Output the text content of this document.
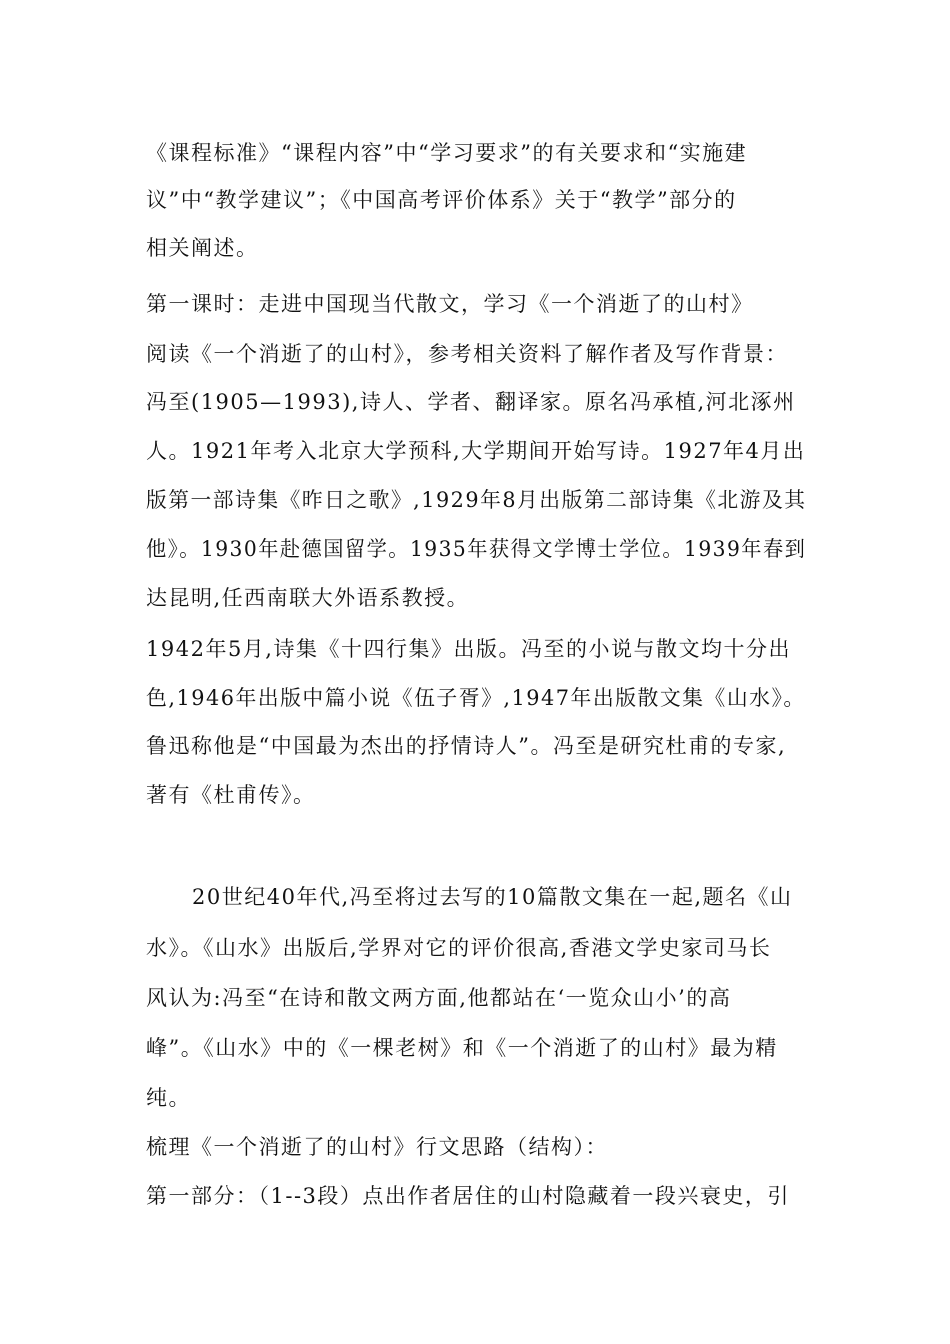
《课程标准》“课程内容”中“学习要求”的有关要求和“实施建
议”中“教学建议”；《中国高考评价体系》关于“教学”部分的
相关阐述。
第一课时：走进中国现当代散文，学习《一个消逝了的山村》
阅读《一个消逝了的山村》，参考相关资料了解作者及写作背景：
冯至(1905—1993),诗人、学者、翻译家。原名冯承植,河北涿州
人。1921年考入北京大学预科,大学期间开始写诗。1927年4月出
版第一部诗集《昨日之歌》,1929年8月出版第二部诗集《北游及其
他》。1930年赴德国留学。1935年获得文学博士学位。1939年春到
达昆明,任西南联大外语系教授。
1942年5月,诗集《十四行集》出版。冯至的小说与散文均十分出
色,1946年出版中篇小说《伍子胥》,1947年出版散文集《山水》。
鲁迅称他是“中国最为杰出的抒情诗人”。冯至是研究杜甫的专家,
著有《杜甫传》。
20世纪40年代,冯至将过去写的10篇散文集在一起,题名《山
水》。《山水》出版后,学界对它的评价很高,香港文学史家司马长
风认为:冯至“在诗和散文两方面,他都站在‘一览众山小’的高
峰”。《山水》中的《一棵老树》和《一个消逝了的山村》最为精
纯。
梳理《一个消逝了的山村》行文思路（结构）：
第一部分：（1--3段）点出作者居住的山村隐藏着一段兴衰史，引
